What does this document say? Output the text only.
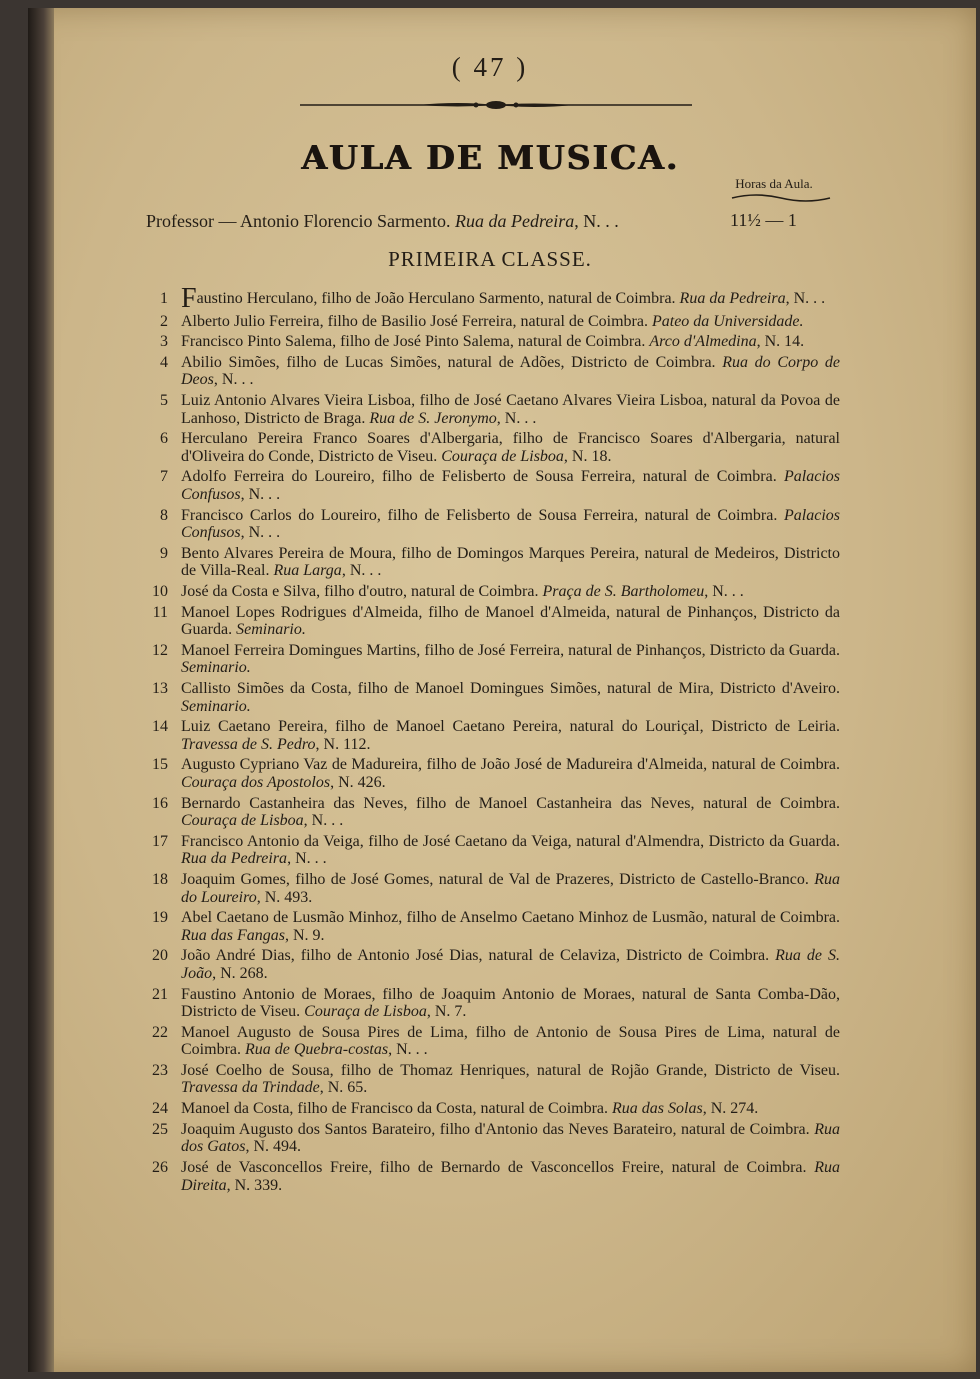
( 47 )
AULA DE MUSICA.
Horas da Aula.
Professor — Antonio Florencio Sarmento. Rua da Pedreira, N. . .	11½ — 1
PRIMEIRA CLASSE.
1 Faustino Herculano, filho de João Herculano Sarmento, natural de Coimbra. Rua da Pedreira, N. . .
2 Alberto Julio Ferreira, filho de Basilio José Ferreira, natural de Coimbra. Pateo da Universidade.
3 Francisco Pinto Salema, filho de José Pinto Salema, natural de Coimbra. Arco d'Almedina, N. 14.
4 Abilio Simões, filho de Lucas Simões, natural de Adões, Districto de Coimbra. Rua do Corpo de Deos, N. . .
5 Luiz Antonio Alvares Vieira Lisboa, filho de José Caetano Alvares Vieira Lisboa, natural da Povoa de Lanhoso, Districto de Braga. Rua de S. Jeronymo, N. . .
6 Herculano Pereira Franco Soares d'Albergaria, filho de Francisco Soares d'Albergaria, natural d'Oliveira do Conde, Districto de Viseu. Couraça de Lisboa, N. 18.
7 Adolfo Ferreira do Loureiro, filho de Felisberto de Sousa Ferreira, natural de Coimbra. Palacios Confusos, N. . .
8 Francisco Carlos do Loureiro, filho de Felisberto de Sousa Ferreira, natural de Coimbra. Palacios Confusos, N. . .
9 Bento Alvares Pereira de Moura, filho de Domingos Marques Pereira, natural de Medeiros, Districto de Villa-Real. Rua Larga, N. . .
10 José da Costa e Silva, filho d'outro, natural de Coimbra. Praça de S. Bartholomeu, N. . .
11 Manoel Lopes Rodrigues d'Almeida, filho de Manoel d'Almeida, natural de Pinhanços, Districto da Guarda. Seminario.
12 Manoel Ferreira Domingues Martins, filho de José Ferreira, natural de Pinhanços, Districto da Guarda. Seminario.
13 Callisto Simões da Costa, filho de Manoel Domingues Simões, natural de Mira, Districto d'Aveiro. Seminario.
14 Luiz Caetano Pereira, filho de Manoel Caetano Pereira, natural do Louriçal, Districto de Leiria. Travessa de S. Pedro, N. 112.
15 Augusto Cypriano Vaz de Madureira, filho de João José de Madureira d'Almeida, natural de Coimbra. Couraça dos Apostolos, N. 426.
16 Bernardo Castanheira das Neves, filho de Manoel Castanheira das Neves, natural de Coimbra. Couraça de Lisboa, N. . .
17 Francisco Antonio da Veiga, filho de José Caetano da Veiga, natural d'Almendra, Districto da Guarda. Rua da Pedreira, N. . .
18 Joaquim Gomes, filho de José Gomes, natural de Val de Prazeres, Districto de Castello-Branco. Rua do Loureiro, N. 493.
19 Abel Caetano de Lusmão Minhoz, filho de Anselmo Caetano Minhoz de Lusmão, natural de Coimbra. Rua das Fangas, N. 9.
20 João André Dias, filho de Antonio José Dias, natural de Celaviza, Districto de Coimbra. Rua de S. João, N. 268.
21 Faustino Antonio de Moraes, filho de Joaquim Antonio de Moraes, natural de Santa Comba-Dão, Districto de Viseu. Couraça de Lisboa, N. 7.
22 Manoel Augusto de Sousa Pires de Lima, filho de Antonio de Sousa Pires de Lima, natural de Coimbra. Rua de Quebra-costas, N. . .
23 José Coelho de Sousa, filho de Thomaz Henriques, natural de Rojão Grande, Districto de Viseu. Travessa da Trindade, N. 65.
24 Manoel da Costa, filho de Francisco da Costa, natural de Coimbra. Rua das Solas, N. 274.
25 Joaquim Augusto dos Santos Barateiro, filho d'Antonio das Neves Barateiro, natural de Coimbra. Rua dos Gatos, N. 494.
26 José de Vasconcellos Freire, filho de Bernardo de Vasconcellos Freire, natural de Coimbra. Rua Direita, N. 339.
